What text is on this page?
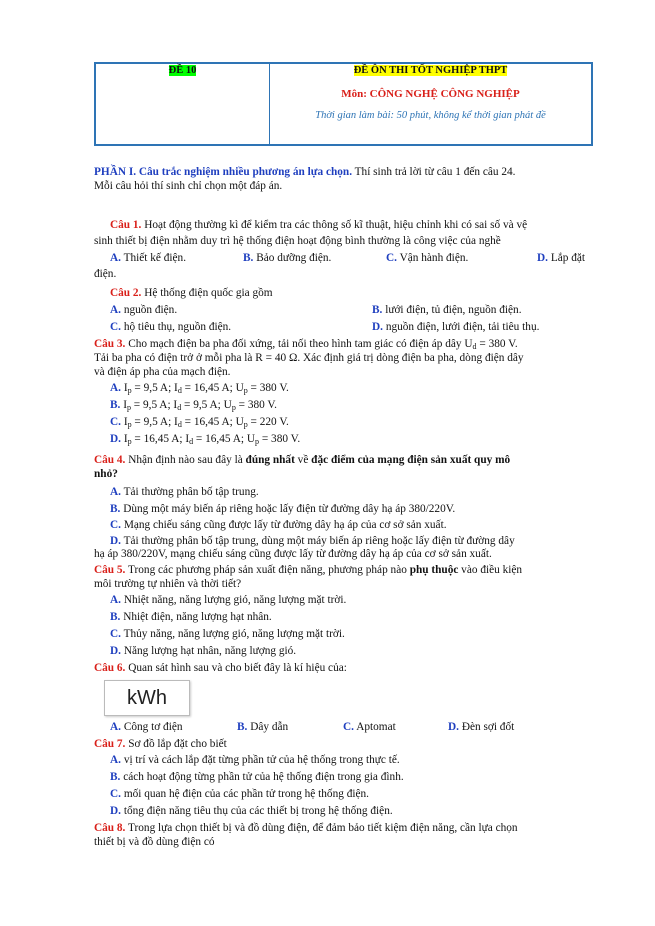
ĐỀ 10	ĐỀ ÔN THI TỐT NGHIỆP THPT
Môn: CÔNG NGHỆ CÔNG NGHIỆP
Thời gian làm bài: 50 phút, không kể thời gian phát đề
PHẦN I. Câu trắc nghiệm nhiều phương án lựa chọn. Thí sinh trả lời từ câu 1 đến câu 24.
Mỗi câu hỏi thí sinh chỉ chọn một đáp án.
Câu 1. Hoạt động thường kì để kiểm tra các thông số kĩ thuật, hiệu chỉnh khi có sai số và vệ
sinh thiết bị điện nhằm duy trì hệ thống điện hoạt động bình thường là công việc của nghề
A. Thiết kế điện.	B. Bảo dưỡng điện.	C. Vận hành điện.	D. Lắp đặt
điện.
Câu 2. Hệ thống điện quốc gia gồm
A. nguồn điện.	B. lưới điện, tủ điện, nguồn điện.
C. hộ tiêu thụ, nguồn điện.	D. nguồn điện, lưới điện, tải tiêu thụ.
Câu 3. Cho mạch điện ba pha đối xứng, tải nối theo hình tam giác có điện áp dây $U_d = 380$ V.
Tải ba pha có điện trở ở mỗi pha là R = 40 Ω. Xác định giá trị dòng điện ba pha, dòng điện dây
và điện áp pha của mạch điện.
A. $I_p = 9,5$ A; $I_d = 16,45$ A; $U_p = 380$ V.
B. $I_p = 9,5$ A; $I_d = 9,5$ A; $U_p = 380$ V.
C. $I_p = 9,5$ A; $I_d = 16,45$ A; $U_p = 220$ V.
D. $I_p = 16,45$ A; $I_d = 16,45$ A; $U_p = 380$ V.
Câu 4. Nhận định nào sau đây là đúng nhất về đặc điểm của mạng điện sản xuất quy mô
nhỏ?
A. Tải thường phân bố tập trung.
B. Dùng một máy biến áp riêng hoặc lấy điện từ đường dây hạ áp 380/220V.
C. Mạng chiếu sáng cũng được lấy từ đường dây hạ áp của cơ sở sản xuất.
D. Tải thường phân bố tập trung, dùng một máy biến áp riêng hoặc lấy điện từ đường dây
hạ áp 380/220V, mạng chiếu sáng cũng được lấy từ đường dây hạ áp của cơ sở sản xuất.
Câu 5. Trong các phương pháp sản xuất điện năng, phương pháp nào phụ thuộc vào điều kiện
môi trường tự nhiên và thời tiết?
A. Nhiệt năng, năng lượng gió, năng lượng mặt trời.
B. Nhiệt điện, năng lượng hạt nhân.
C. Thủy năng, năng lượng gió, năng lượng mặt trời.
D. Năng lượng hạt nhân, năng lượng gió.
Câu 6. Quan sát hình sau và cho biết đây là kí hiệu của:
kWh
A. Công tơ điện	B. Dây dẫn	C. Aptomat	D. Đèn sợi đốt
Câu 7. Sơ đồ lắp đặt cho biết
A. vị trí và cách lắp đặt từng phần tử của hệ thống trong thực tế.
B. cách hoạt động từng phần tử của hệ thống điện trong gia đình.
C. mối quan hệ điện của các phần tử trong hệ thống điện.
D. tổng điện năng tiêu thụ của các thiết bị trong hệ thống điện.
Câu 8. Trong lựa chọn thiết bị và đồ dùng điện, để đảm bảo tiết kiệm điện năng, cần lựa chọn
thiết bị và đồ dùng điện có
